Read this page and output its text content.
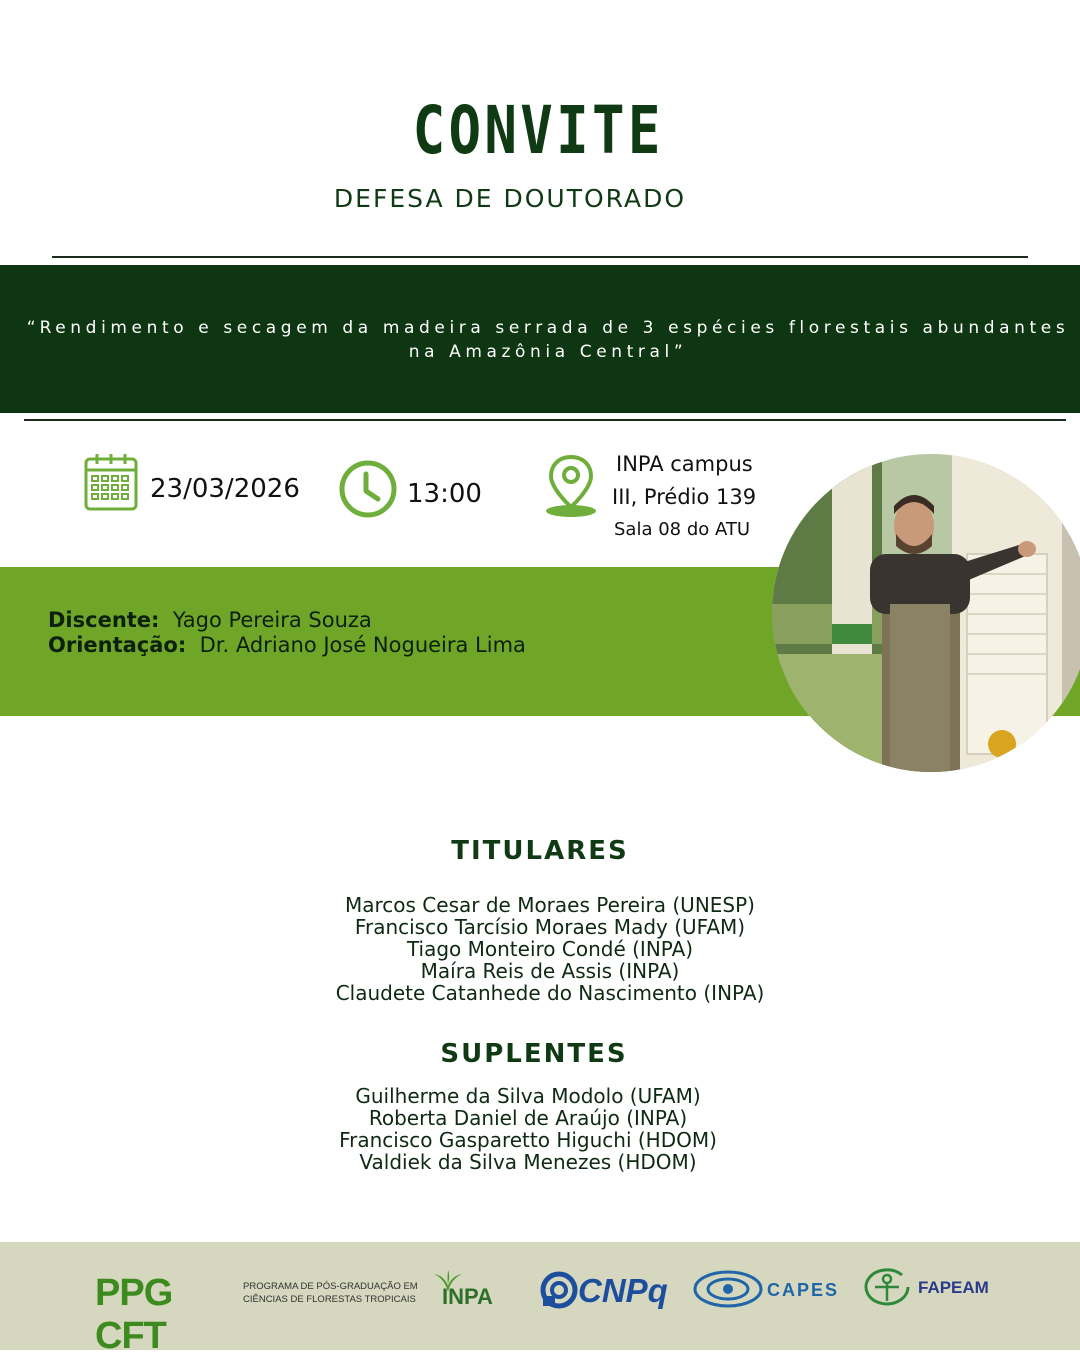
CONVITE
DEFESA DE DOUTORADO
“Rendimento e secagem da madeira serrada de 3 espécies florestais abundantes na Amazônia Central”
23/03/2026	13:00
INPA campus
III, Prédio 139
Sala 08 do ATU
Discente: Yago Pereira Souza
Orientação: Dr. Adriano José Nogueira Lima
TITULARES
Marcos Cesar de Moraes Pereira (UNESP)
Francisco Tarcísio Moraes Mady (UFAM)
Tiago Monteiro Condé (INPA)
Maíra Reis de Assis (INPA)
Claudete Catanhede do Nascimento (INPA)
SUPLENTES
Guilherme da Silva Modolo (UFAM)
Roberta Daniel de Araújo (INPA)
Francisco Gasparetto Higuchi (HDOM)
Valdiek da Silva Menezes (HDOM)
PPG CFT
PROGRAMA DE PÓS-GRADUAÇÃO EM
CIÊNCIAS DE FLORESTAS TROPICAIS INPA	CNPq	CAPES	FAPEAM
